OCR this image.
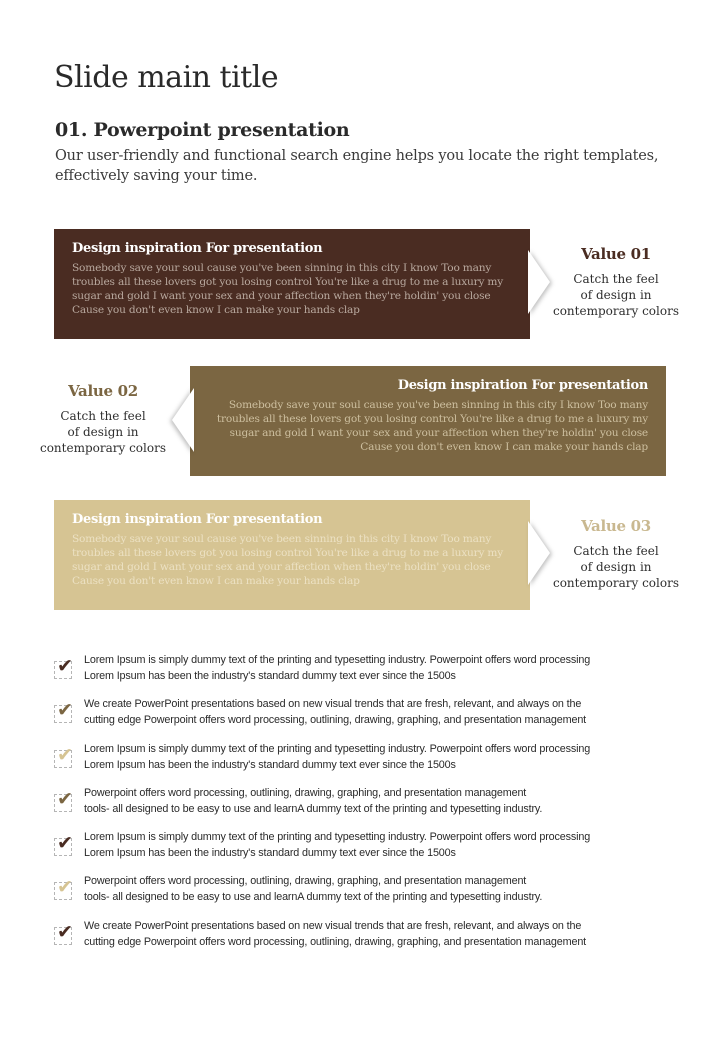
Slide main title
01. Powerpoint presentation

Our user-friendly and functional search engine helps you locate the right templates, effectively saving your time.

Design inspiration For presentation
Somebody save your soul cause you've been sinning in this city I know Too many troubles all these lovers got you losing control You're like a drug to me a luxury my sugar and gold I want your sex and your affection when they're holdin' you close Cause you don't even know I can make your hands clap
Value 01
Catch the feel
of design in
contemporary colors
Value 02
Catch the feel
of design in
contemporary colors
Design inspiration For presentation
Somebody save your soul cause you've been sinning in this city I know Too many troubles all these lovers got you losing control You're like a drug to me a luxury my sugar and gold I want your sex and your affection when they're holdin' you close Cause you don't even know I can make your hands clap
Design inspiration For presentation
Somebody save your soul cause you've been sinning in this city I know Too many troubles all these lovers got you losing control You're like a drug to me a luxury my sugar and gold I want your sex and your affection when they're holdin' you close Cause you don't even know I can make your hands clap
Value 03
Catch the feel
of design in
contemporary colors
✔ Lorem Ipsum is simply dummy text of the printing and typesetting industry. Powerpoint offers word processing
Lorem Ipsum has been the industry's standard dummy text ever since the 1500s
✔ We create PowerPoint presentations based on new visual trends that are fresh, relevant, and always on the
cutting edge Powerpoint offers word processing, outlining, drawing, graphing, and presentation management
✔ Lorem Ipsum is simply dummy text of the printing and typesetting industry. Powerpoint offers word processing
Lorem Ipsum has been the industry's standard dummy text ever since the 1500s
✔ Powerpoint offers word processing, outlining, drawing, graphing, and presentation management
tools- all designed to be easy to use and learnA dummy text of the printing and typesetting industry.
✔ Lorem Ipsum is simply dummy text of the printing and typesetting industry. Powerpoint offers word processing
Lorem Ipsum has been the industry's standard dummy text ever since the 1500s
✔ Powerpoint offers word processing, outlining, drawing, graphing, and presentation management
tools- all designed to be easy to use and learnA dummy text of the printing and typesetting industry.
✔ We create PowerPoint presentations based on new visual trends that are fresh, relevant, and always on the
cutting edge Powerpoint offers word processing, outlining, drawing, graphing, and presentation management
